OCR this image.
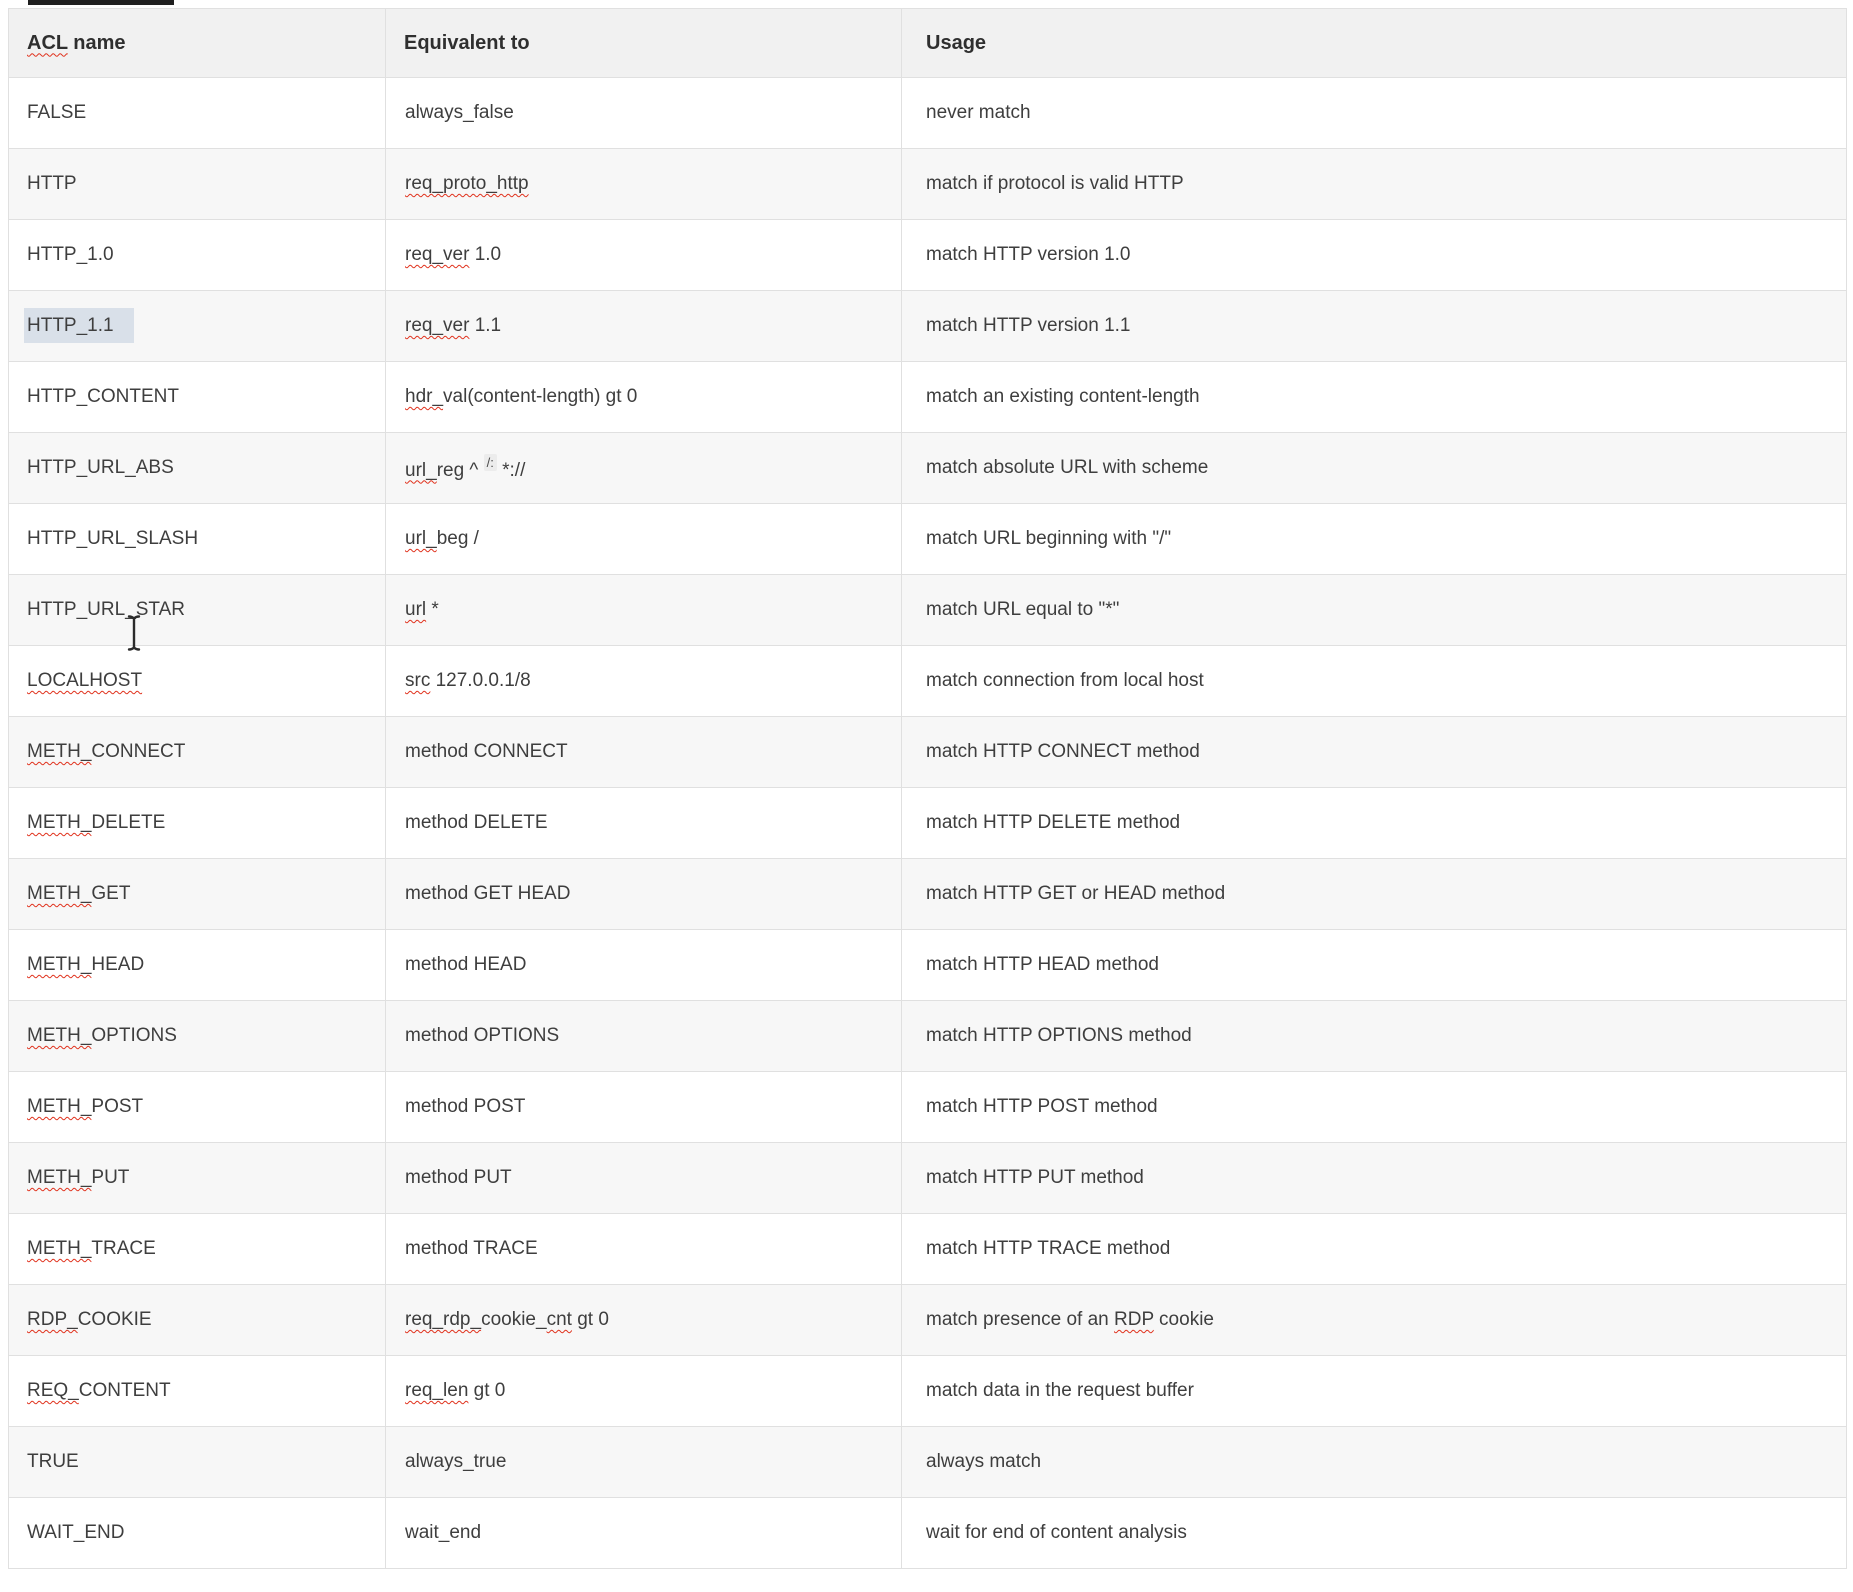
ACL name	Equivalent to	Usage
FALSE	always_false	never match
HTTP	req_proto_http	match if protocol is valid HTTP
HTTP_1.0	req_ver 1.0	match HTTP version 1.0
HTTP_1.1	req_ver 1.1	match HTTP version 1.1
HTTP_CONTENT	hdr_val(content-length) gt 0	match an existing content-length
HTTP_URL_ABS	url_reg ^ /: *://	match absolute URL with scheme
HTTP_URL_SLASH	url_beg /	match URL beginning with "/"
HTTP_URL_STAR	url *	match URL equal to "*"
LOCALHOST	src 127.0.0.1/8	match connection from local host
METH_CONNECT	method CONNECT	match HTTP CONNECT method
METH_DELETE	method DELETE	match HTTP DELETE method
METH_GET	method GET HEAD	match HTTP GET or HEAD method
METH_HEAD	method HEAD	match HTTP HEAD method
METH_OPTIONS	method OPTIONS	match HTTP OPTIONS method
METH_POST	method POST	match HTTP POST method
METH_PUT	method PUT	match HTTP PUT method
METH_TRACE	method TRACE	match HTTP TRACE method
RDP_COOKIE	req_rdp_cookie_cnt gt 0	match presence of an RDP cookie
REQ_CONTENT	req_len gt 0	match data in the request buffer
TRUE	always_true	always match
WAIT_END	wait_end	wait for end of content analysis
